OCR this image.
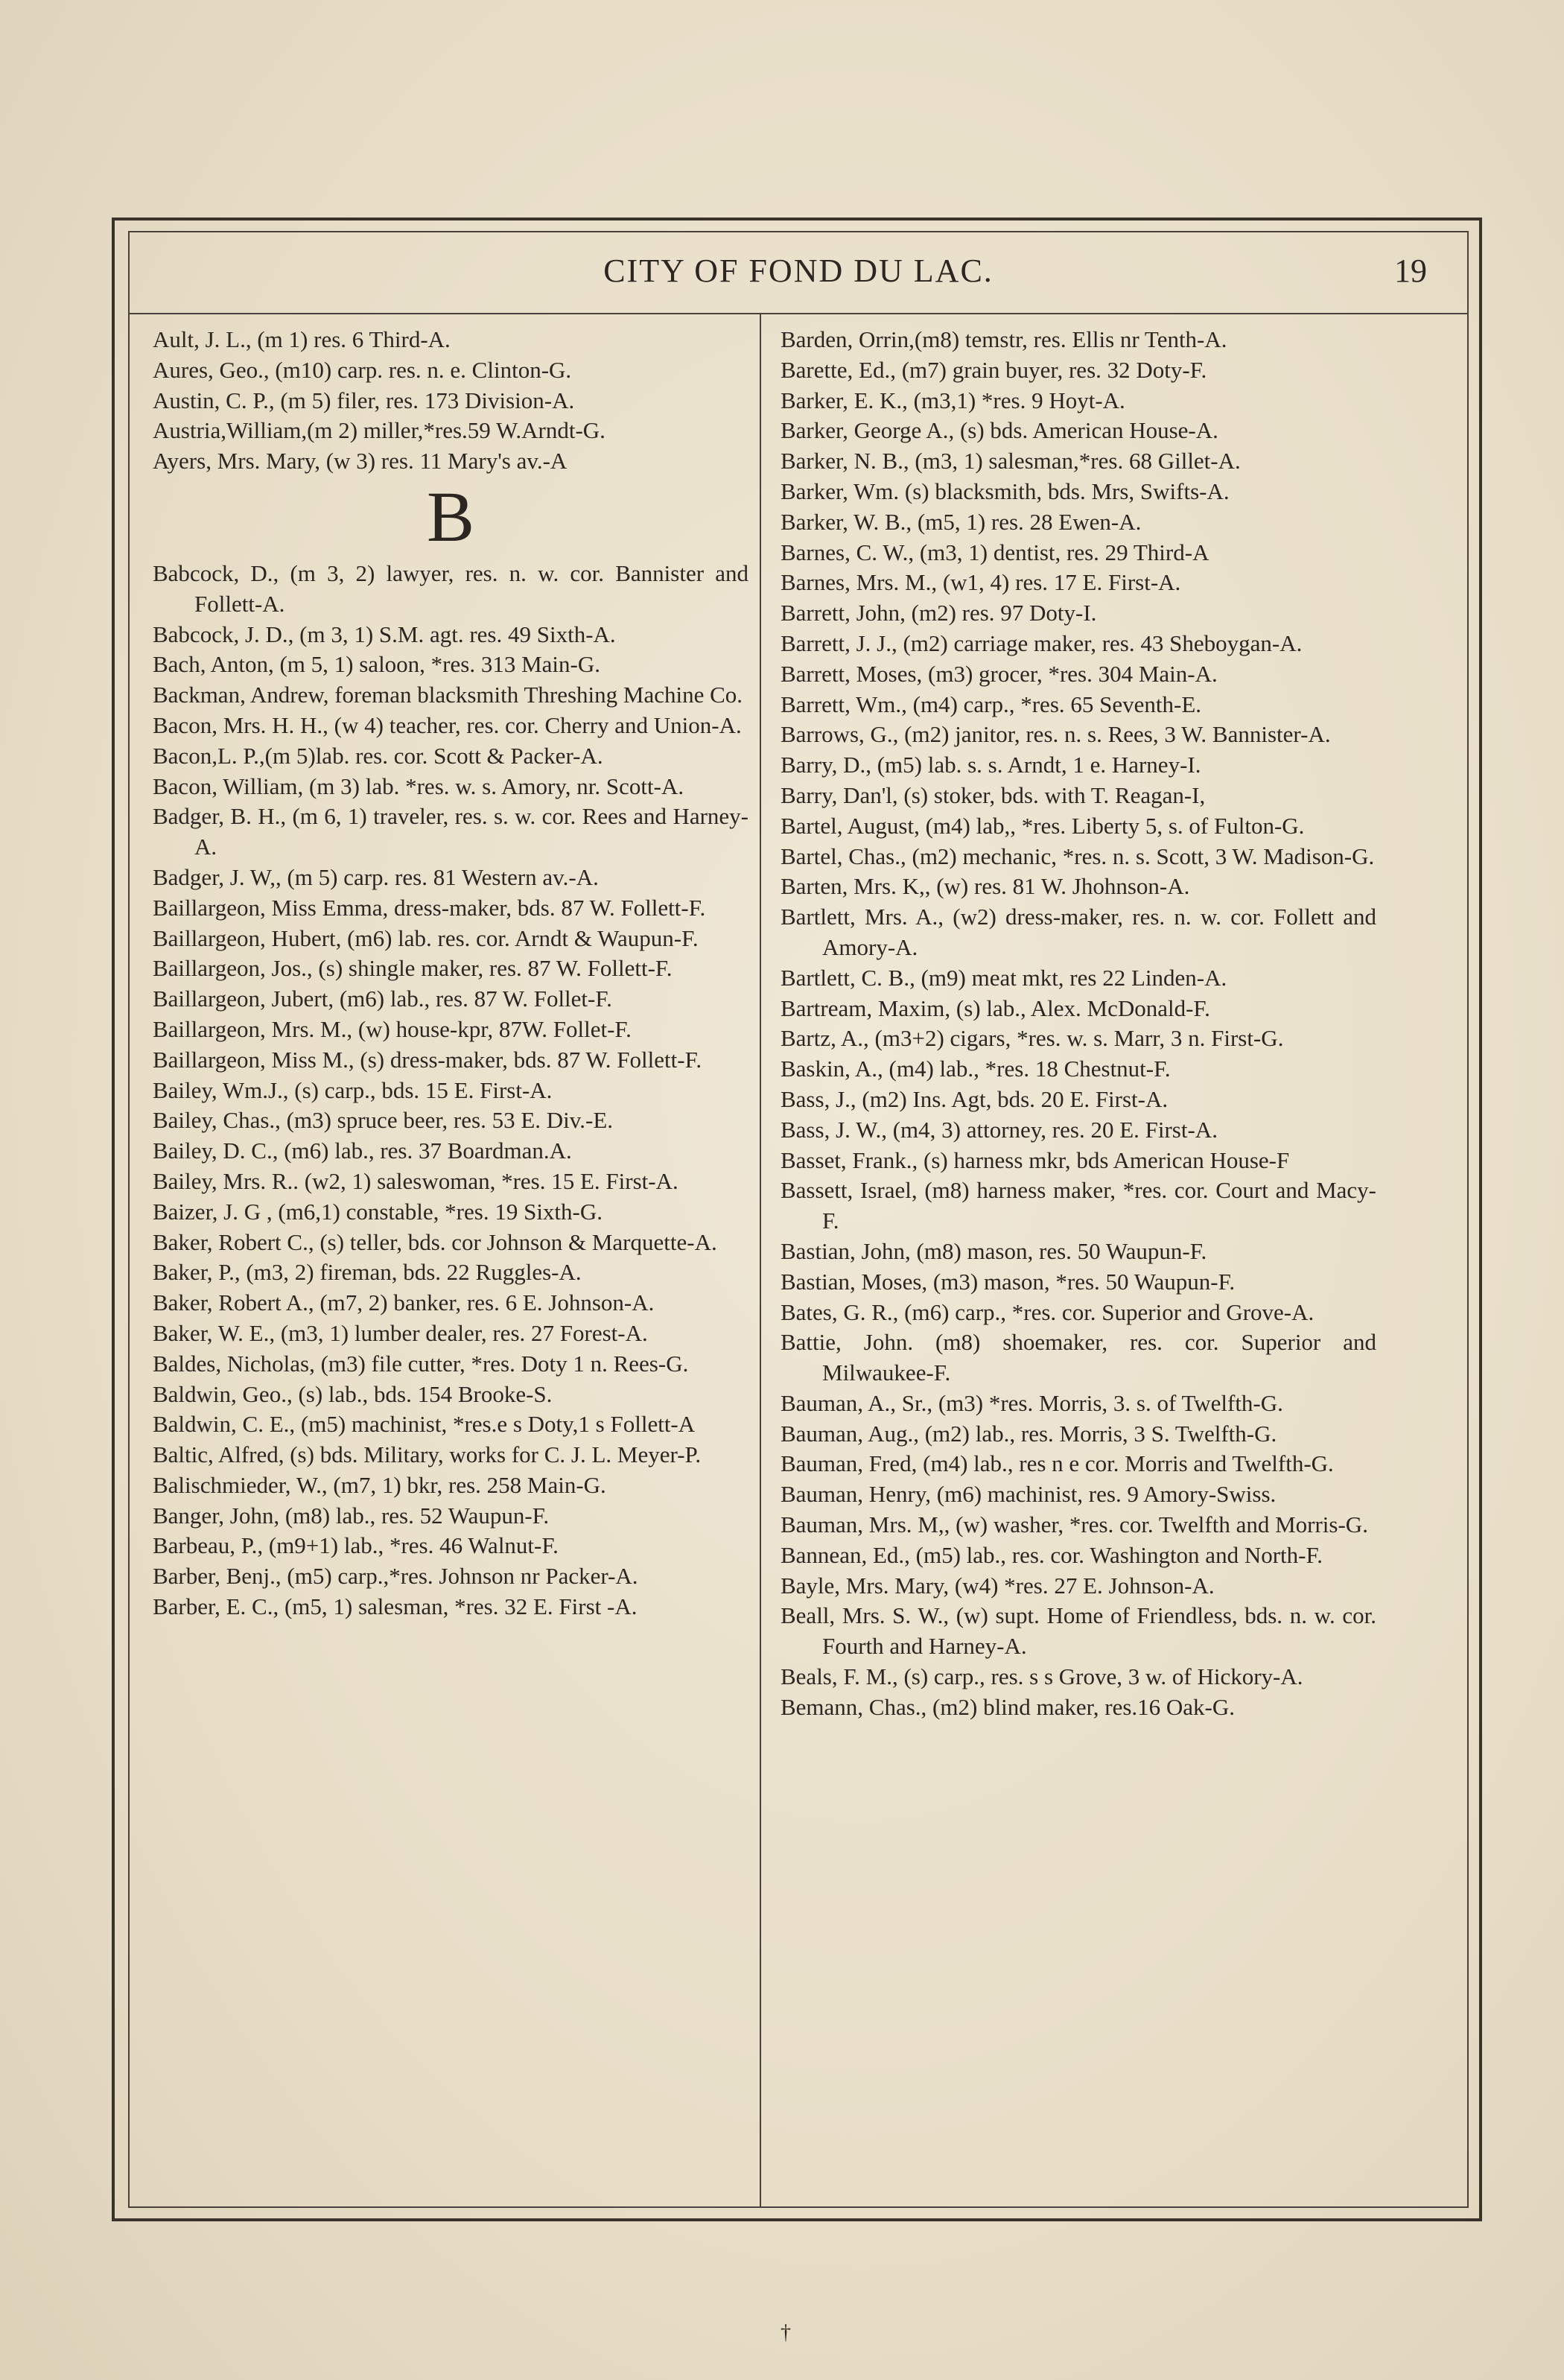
CITY OF FOND DU LAC.	19
Ault, J. L., (m 1) res. 6 Third-A.
Aures, Geo., (m10) carp. res. n. e. Clinton-G.
Austin, C. P., (m 5) filer, res. 173 Division-A.
Austria,William,(m 2) miller,*res.59 W.Arndt-G.
Ayers, Mrs. Mary, (w 3) res. 11 Mary's av.-A
B
Babcock, D., (m 3, 2) lawyer, res. n. w. cor. Bannister and Follett-A.
Babcock, J. D., (m 3, 1) S.M. agt. res. 49 Sixth-A.
Bach, Anton, (m 5, 1) saloon, *res. 313 Main-G.
Backman, Andrew, foreman blacksmith Threshing Machine Co.
Bacon, Mrs. H. H., (w 4) teacher, res. cor. Cherry and Union-A.
Bacon,L. P.,(m 5)lab. res. cor. Scott & Packer-A.
Bacon, William, (m 3) lab. *res. w. s. Amory, nr. Scott-A.
Badger, B. H., (m 6, 1) traveler, res. s. w. cor. Rees and Harney-A.
Badger, J. W,, (m 5) carp. res. 81 Western av.-A.
Baillargeon, Miss Emma, dress-maker, bds. 87 W. Follett-F.
Baillargeon, Hubert, (m6) lab. res. cor. Arndt & Waupun-F.
Baillargeon, Jos., (s) shingle maker, res. 87 W. Follett-F.
Baillargeon, Jubert, (m6) lab., res. 87 W. Follet-F.
Baillargeon, Mrs. M., (w) house-kpr, 87W. Follet-F.
Baillargeon, Miss M., (s) dress-maker, bds. 87 W. Follett-F.
Bailey, Wm.J., (s) carp., bds. 15 E. First-A.
Bailey, Chas., (m3) spruce beer, res. 53 E. Div.-E.
Bailey, D. C., (m6) lab., res. 37 Boardman.A.
Bailey, Mrs. R.. (w2, 1) saleswoman, *res. 15 E. First-A.
Baizer, J. G , (m6,1) constable, *res. 19 Sixth-G.
Baker, Robert C., (s) teller, bds. cor Johnson & Marquette-A.
Baker, P., (m3, 2) fireman, bds. 22 Ruggles-A.
Baker, Robert A., (m7, 2) banker, res. 6 E. Johnson-A.
Baker, W. E., (m3, 1) lumber dealer, res. 27 Forest-A.
Baldes, Nicholas, (m3) file cutter, *res. Doty 1 n. Rees-G.
Baldwin, Geo., (s) lab., bds. 154 Brooke-S.
Baldwin, C. E., (m5) machinist, *res.e s Doty,1 s Follett-A
Baltic, Alfred, (s) bds. Military, works for C. J. L. Meyer-P.
Balischmieder, W., (m7, 1) bkr, res. 258 Main-G.
Banger, John, (m8) lab., res. 52 Waupun-F.
Barbeau, P., (m9+1) lab., *res. 46 Walnut-F.
Barber, Benj., (m5) carp.,*res. Johnson nr Packer-A.
Barber, E. C., (m5, 1) salesman, *res. 32 E. First -A.
Barden, Orrin,(m8) temstr, res. Ellis nr Tenth-A.
Barette, Ed., (m7) grain buyer, res. 32 Doty-F.
Barker, E. K., (m3,1) *res. 9 Hoyt-A.
Barker, George A., (s) bds. American House-A.
Barker, N. B., (m3, 1) salesman,*res. 68 Gillet-A.
Barker, Wm. (s) blacksmith, bds. Mrs, Swifts-A.
Barker, W. B., (m5, 1) res. 28 Ewen-A.
Barnes, C. W., (m3, 1) dentist, res. 29 Third-A
Barnes, Mrs. M., (w1, 4) res. 17 E. First-A.
Barrett, John, (m2) res. 97 Doty-I.
Barrett, J. J., (m2) carriage maker, res. 43 Sheboygan-A.
Barrett, Moses, (m3) grocer, *res. 304 Main-A.
Barrett, Wm., (m4) carp., *res. 65 Seventh-E.
Barrows, G., (m2) janitor, res. n. s. Rees, 3 W. Bannister-A.
Barry, D., (m5) lab. s. s. Arndt, 1 e. Harney-I.
Barry, Dan'l, (s) stoker, bds. with T. Reagan-I,
Bartel, August, (m4) lab,, *res. Liberty 5, s. of Fulton-G.
Bartel, Chas., (m2) mechanic, *res. n. s. Scott, 3 W. Madison-G.
Barten, Mrs. K,, (w) res. 81 W. Jhohnson-A.
Bartlett, Mrs. A., (w2) dress-maker, res. n. w. cor. Follett and Amory-A.
Bartlett, C. B., (m9) meat mkt, res 22 Linden-A.
Bartream, Maxim, (s) lab., Alex. McDonald-F.
Bartz, A., (m3+2) cigars, *res. w. s. Marr, 3 n. First-G.
Baskin, A., (m4) lab., *res. 18 Chestnut-F.
Bass, J., (m2) Ins. Agt, bds. 20 E. First-A.
Bass, J. W., (m4, 3) attorney, res. 20 E. First-A.
Basset, Frank., (s) harness mkr, bds American House-F
Bassett, Israel, (m8) harness maker, *res. cor. Court and Macy-F.
Bastian, John, (m8) mason, res. 50 Waupun-F.
Bastian, Moses, (m3) mason, *res. 50 Waupun-F.
Bates, G. R., (m6) carp., *res. cor. Superior and Grove-A.
Battie, John. (m8) shoemaker, res. cor. Superior and Milwaukee-F.
Bauman, A., Sr., (m3) *res. Morris, 3. s. of Twelfth-G.
Bauman, Aug., (m2) lab., res. Morris, 3 S. Twelfth-G.
Bauman, Fred, (m4) lab., res n e cor. Morris and Twelfth-G.
Bauman, Henry, (m6) machinist, res. 9 Amory-Swiss.
Bauman, Mrs. M,, (w) washer, *res. cor. Twelfth and Morris-G.
Bannean, Ed., (m5) lab., res. cor. Washington and North-F.
Bayle, Mrs. Mary, (w4) *res. 27 E. Johnson-A.
Beall, Mrs. S. W., (w) supt. Home of Friendless, bds. n. w. cor. Fourth and Harney-A.
Beals, F. M., (s) carp., res. s s Grove, 3 w. of Hickory-A.
Bemann, Chas., (m2) blind maker, res.16 Oak-G.
†
